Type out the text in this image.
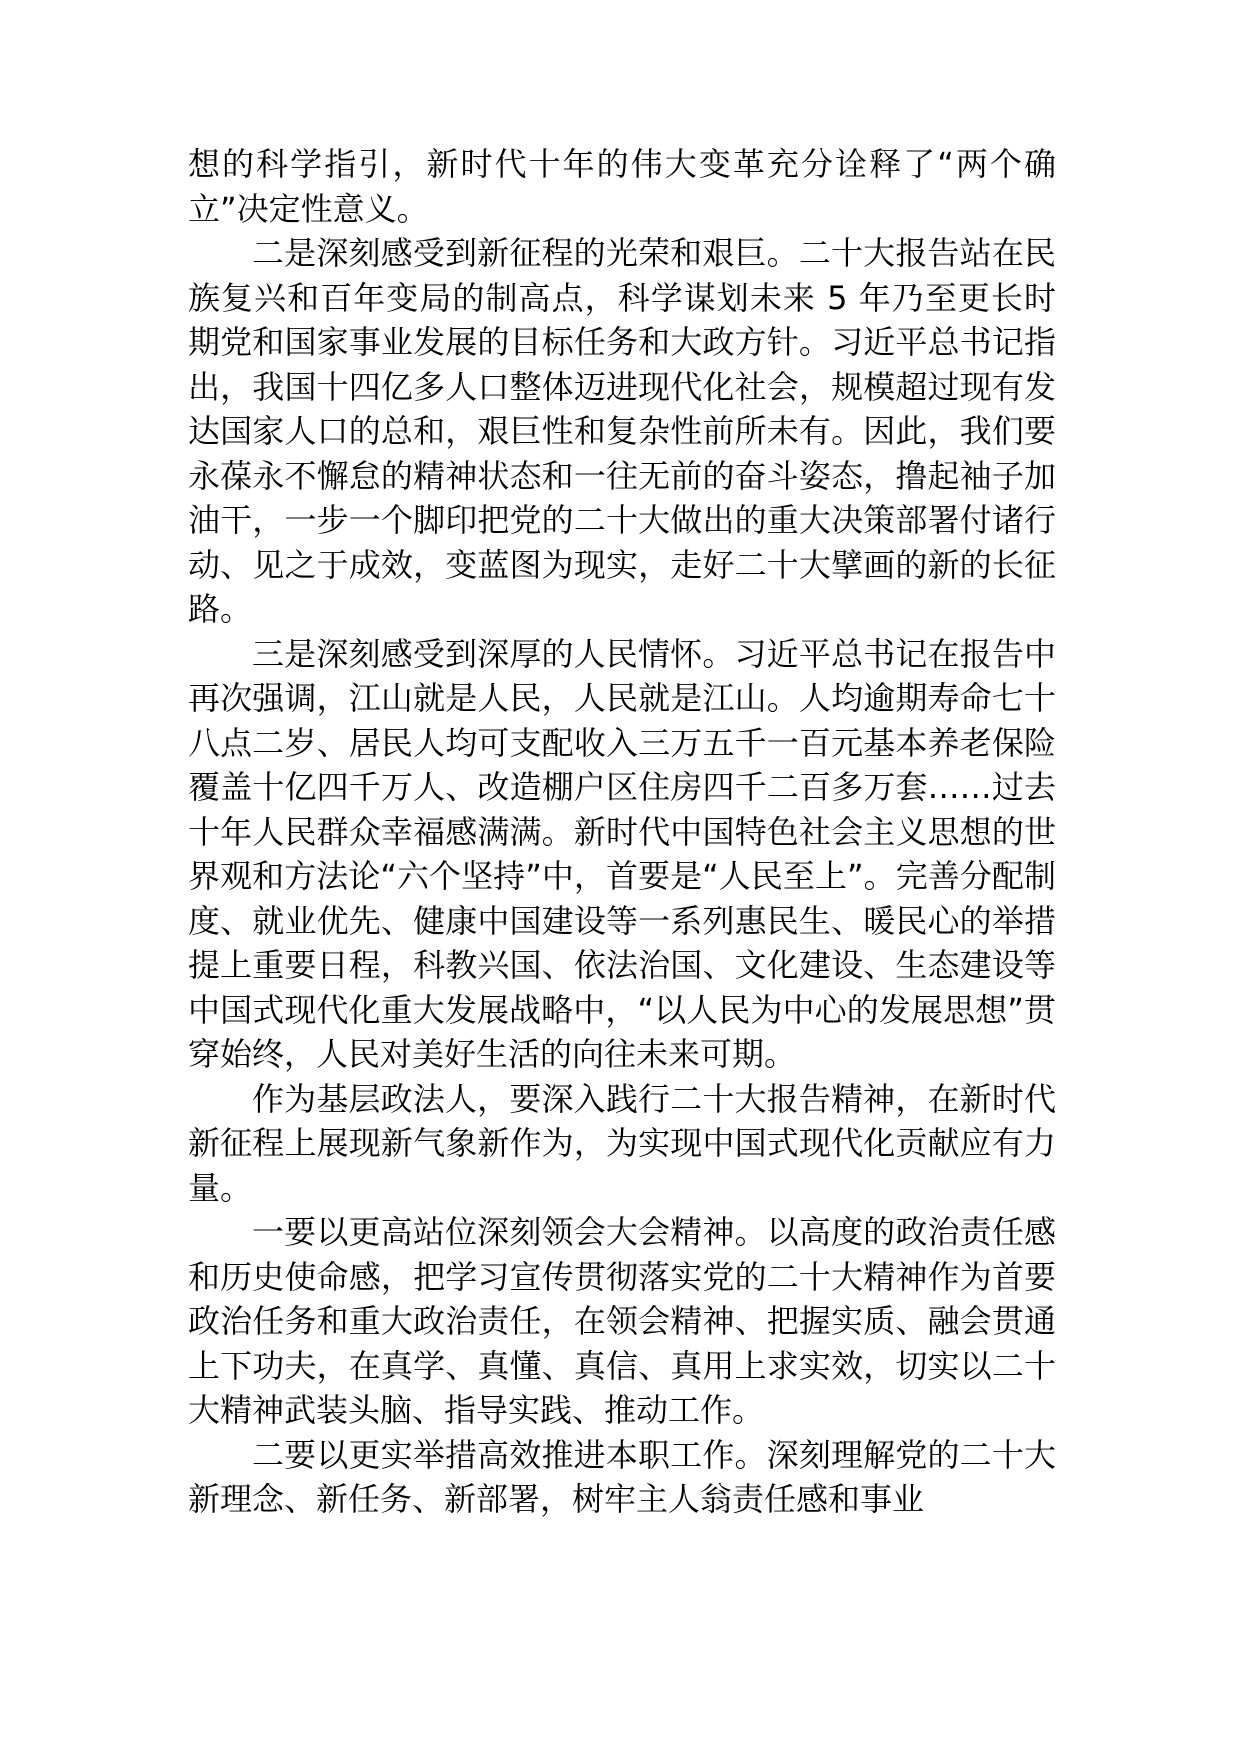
想的科学指引，新时代十年的伟大变革充分诠释了“两个确立”决定性意义。

二是深刻感受到新征程的光荣和艰巨。二十大报告站在民族复兴和百年变局的制高点，科学谋划未来 5 年乃至更长时期党和国家事业发展的目标任务和大政方针。习近平总书记指出，我国十四亿多人口整体迈进现代化社会，规模超过现有发达国家人口的总和，艰巨性和复杂性前所未有。因此，我们要永葆永不懈怠的精神状态和一往无前的奋斗姿态，撸起袖子加油干，一步一个脚印把党的二十大做出的重大决策部署付诸行动、见之于成效，变蓝图为现实，走好二十大擘画的新的长征路。

三是深刻感受到深厚的人民情怀。习近平总书记在报告中再次强调，江山就是人民，人民就是江山。人均逾期寿命七十八点二岁、居民人均可支配收入三万五千一百元基本养老保险覆盖十亿四千万人、改造棚户区住房四千二百多万套……过去十年人民群众幸福感满满。新时代中国特色社会主义思想的世界观和方法论“六个坚持”中，首要是“人民至上”。完善分配制度、就业优先、健康中国建设等一系列惠民生、暖民心的举措提上重要日程，科教兴国、依法治国、文化建设、生态建设等中国式现代化重大发展战略中，“以人民为中心的发展思想”贯穿始终，人民对美好生活的向往未来可期。

作为基层政法人，要深入践行二十大报告精神，在新时代新征程上展现新气象新作为，为实现中国式现代化贡献应有力量。

一要以更高站位深刻领会大会精神。以高度的政治责任感和历史使命感，把学习宣传贯彻落实党的二十大精神作为首要政治任务和重大政治责任，在领会精神、把握实质、融会贯通上下功夫，在真学、真懂、真信、真用上求实效，切实以二十大精神武装头脑、指导实践、推动工作。

二要以更实举措高效推进本职工作。深刻理解党的二十大新理念、新任务、新部署，树牢主人翁责任感和事业
